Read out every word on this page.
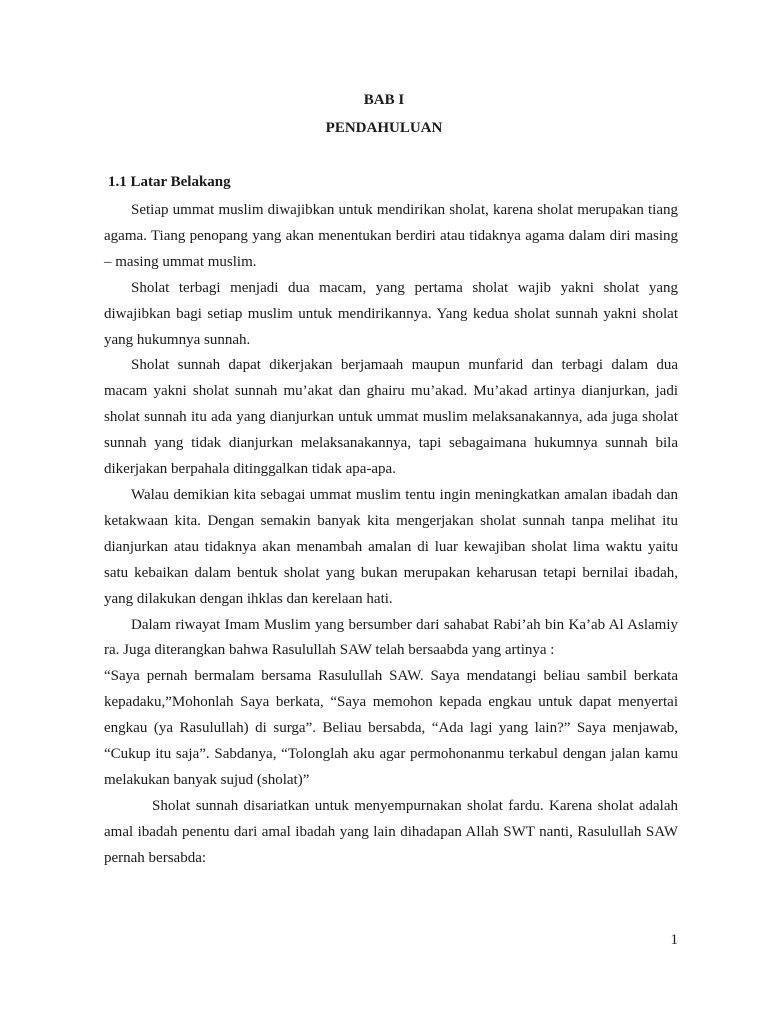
BAB I
PENDAHULUAN
1.1 Latar Belakang

Setiap ummat muslim diwajibkan untuk mendirikan sholat, karena sholat merupakan tiang agama. Tiang penopang yang akan menentukan berdiri atau tidaknya agama dalam diri masing – masing ummat muslim.

Sholat terbagi menjadi dua macam, yang pertama sholat wajib yakni sholat yang diwajibkan bagi setiap muslim untuk mendirikannya. Yang kedua sholat sunnah yakni sholat yang hukumnya sunnah.

Sholat sunnah dapat dikerjakan berjamaah maupun munfarid dan terbagi dalam dua macam yakni sholat sunnah mu’akat dan ghairu mu’akad. Mu’akad artinya dianjurkan, jadi sholat sunnah itu ada yang dianjurkan untuk ummat muslim melaksanakannya, ada juga sholat sunnah yang tidak dianjurkan melaksanakannya, tapi sebagaimana hukumnya sunnah bila dikerjakan berpahala ditinggalkan tidak apa-apa.

Walau demikian kita sebagai ummat muslim tentu ingin meningkatkan amalan ibadah dan ketakwaan kita. Dengan semakin banyak kita mengerjakan sholat sunnah tanpa melihat itu dianjurkan atau tidaknya akan menambah amalan di luar kewajiban sholat lima waktu yaitu satu kebaikan dalam bentuk sholat yang bukan merupakan keharusan tetapi bernilai ibadah, yang dilakukan dengan ihklas dan kerelaan hati.

Dalam riwayat Imam Muslim yang bersumber dari sahabat Rabi’ah bin Ka’ab Al Aslamiy ra. Juga diterangkan bahwa Rasulullah SAW telah bersaabda yang artinya :

“Saya pernah bermalam bersama Rasulullah SAW. Saya mendatangi beliau sambil berkata kepadaku,”Mohonlah Saya berkata, “Saya memohon kepada engkau untuk dapat menyertai engkau (ya Rasulullah) di surga”. Beliau bersabda, “Ada lagi yang lain?” Saya menjawab, “Cukup itu saja”. Sabdanya, “Tolonglah aku agar permohonanmu terkabul dengan jalan kamu melakukan banyak sujud (sholat)”

Sholat sunnah disariatkan untuk menyempurnakan sholat fardu. Karena sholat adalah amal ibadah penentu dari amal ibadah yang lain dihadapan Allah SWT nanti, Rasulullah SAW pernah bersabda:

1
